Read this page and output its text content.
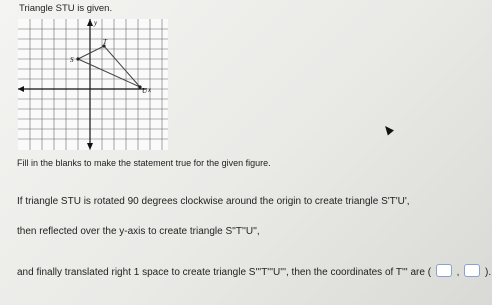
Triangle STU is given.
S
T
U
y
x
Fill in the blanks to make the statement true for the given figure.
If triangle STU is rotated 90 degrees clockwise around the origin to create triangle S'T'U',
then reflected over the y-axis to create triangle S''T''U'',
and finally translated right 1 space to create triangle S'''T'''U''', then the coordinates of T''' are (	,	).
